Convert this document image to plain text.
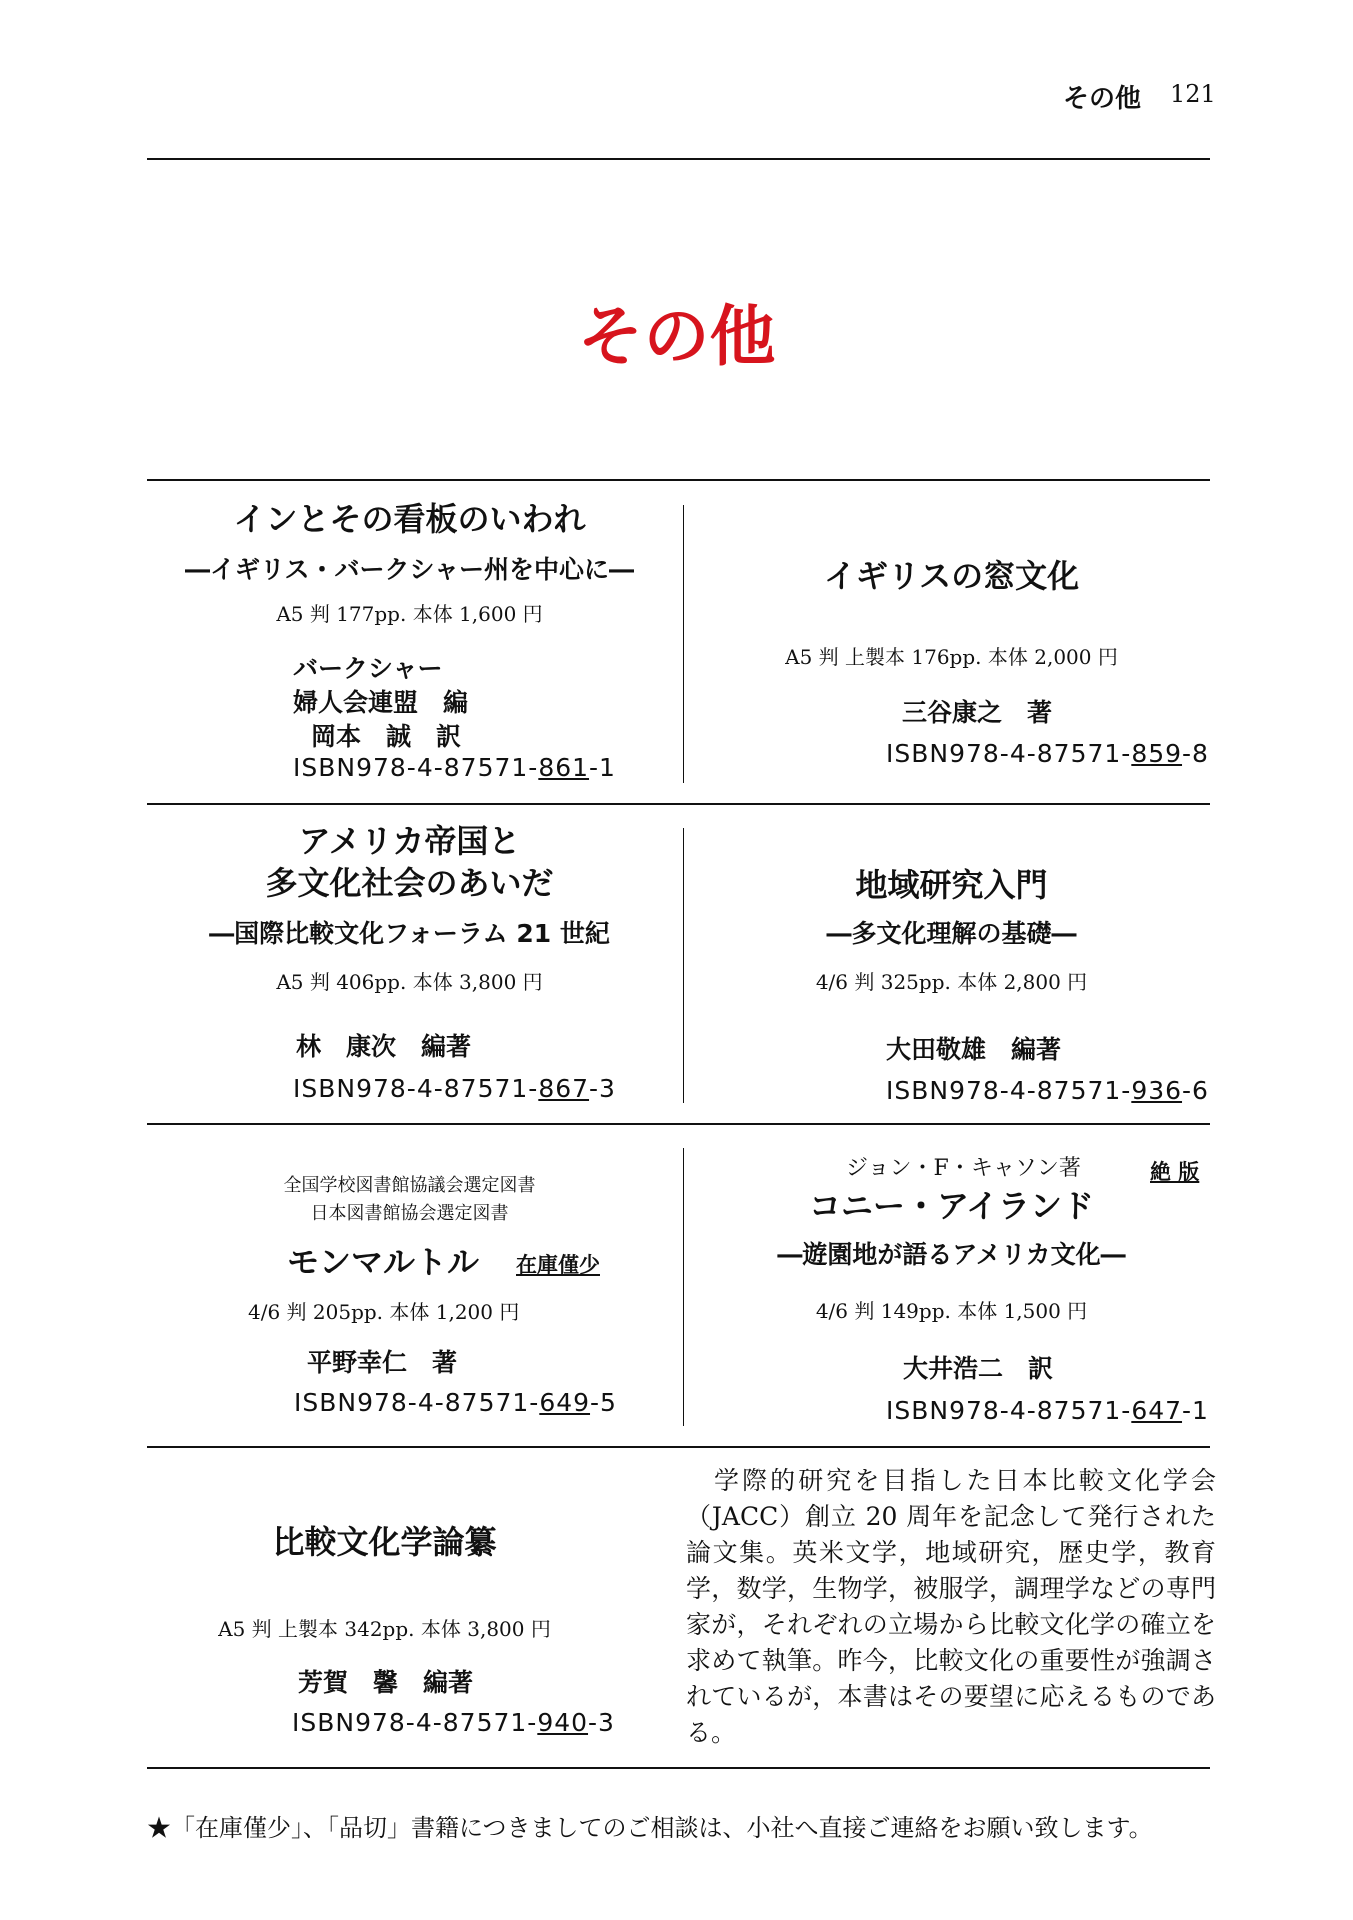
その他 121
その他
インとその看板のいわれ
―イギリス・バークシャー州を中心に―
A5 判 177pp. 本体 1,600 円
バークシャー
婦人会連盟　編
岡本　誠　訳
ISBN978-4-87571-861-1
イギリスの窓文化
A5 判 上製本 176pp. 本体 2,000 円
三谷康之　著
ISBN978-4-87571-859-8
アメリカ帝国と
多文化社会のあいだ
―国際比較文化フォーラム 21 世紀
A5 判 406pp. 本体 3,800 円
林　康次　編著
ISBN978-4-87571-867-3
地域研究入門
―多文化理解の基礎―
4/6 判 325pp. 本体 2,800 円
大田敬雄　編著
ISBN978-4-87571-936-6
全国学校図書館協議会選定図書
日本図書館協会選定図書
モンマルトル 在庫僅少
4/6 判 205pp. 本体 1,200 円
平野幸仁　著
ISBN978-4-87571-649-5
ジョン・F・キャソン著	絶 版
コニー・アイランド
―遊園地が語るアメリカ文化―
4/6 判 149pp. 本体 1,500 円
大井浩二　訳
ISBN978-4-87571-647-1
比較文化学論纂
A5 判 上製本 342pp. 本体 3,800 円
芳賀　馨　編著
ISBN978-4-87571-940-3
　学際的研究を目指した日本比較文化学会（JACC）創立 20 周年を記念して発行された論文集。英米文学，地域研究，歴史学，教育学，数学，生物学，被服学，調理学などの専門家が，それぞれの立場から比較文化学の確立を求めて執筆。昨今，比較文化の重要性が強調されているが，本書はその要望に応えるものである。
★「在庫僅少」、「品切」書籍につきましてのご相談は、小社へ直接ご連絡をお願い致します。
